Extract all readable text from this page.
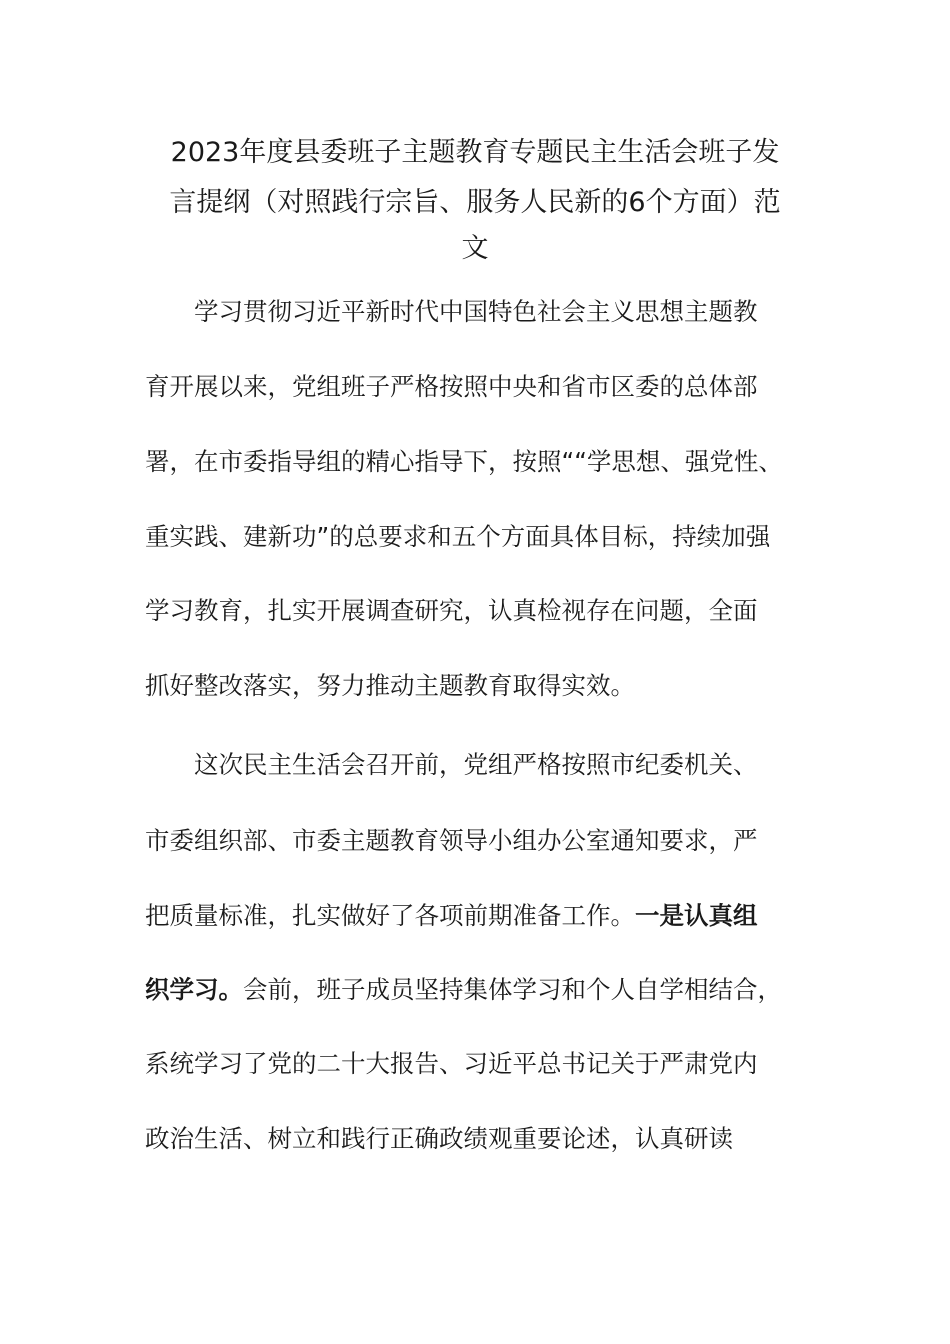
2023年度县委班子主题教育专题民主生活会班子发
言提纲（对照践行宗旨、服务人民新的6个方面）范
文
学习贯彻习近平新时代中国特色社会主义思想主题教
育开展以来，党组班子严格按照中央和省市区委的总体部
署，在市委指导组的精心指导下，按照““学思想、强党性、
重实践、建新功”的总要求和五个方面具体目标，持续加强
学习教育，扎实开展调查研究，认真检视存在问题，全面
抓好整改落实，努力推动主题教育取得实效。
这次民主生活会召开前，党组严格按照市纪委机关、
市委组织部、市委主题教育领导小组办公室通知要求，严
把质量标准，扎实做好了各项前期准备工作。一是认真组
织学习。会前，班子成员坚持集体学习和个人自学相结合，
系统学习了党的二十大报告、习近平总书记关于严肃党内
政治生活、树立和践行正确政绩观重要论述，认真研读
